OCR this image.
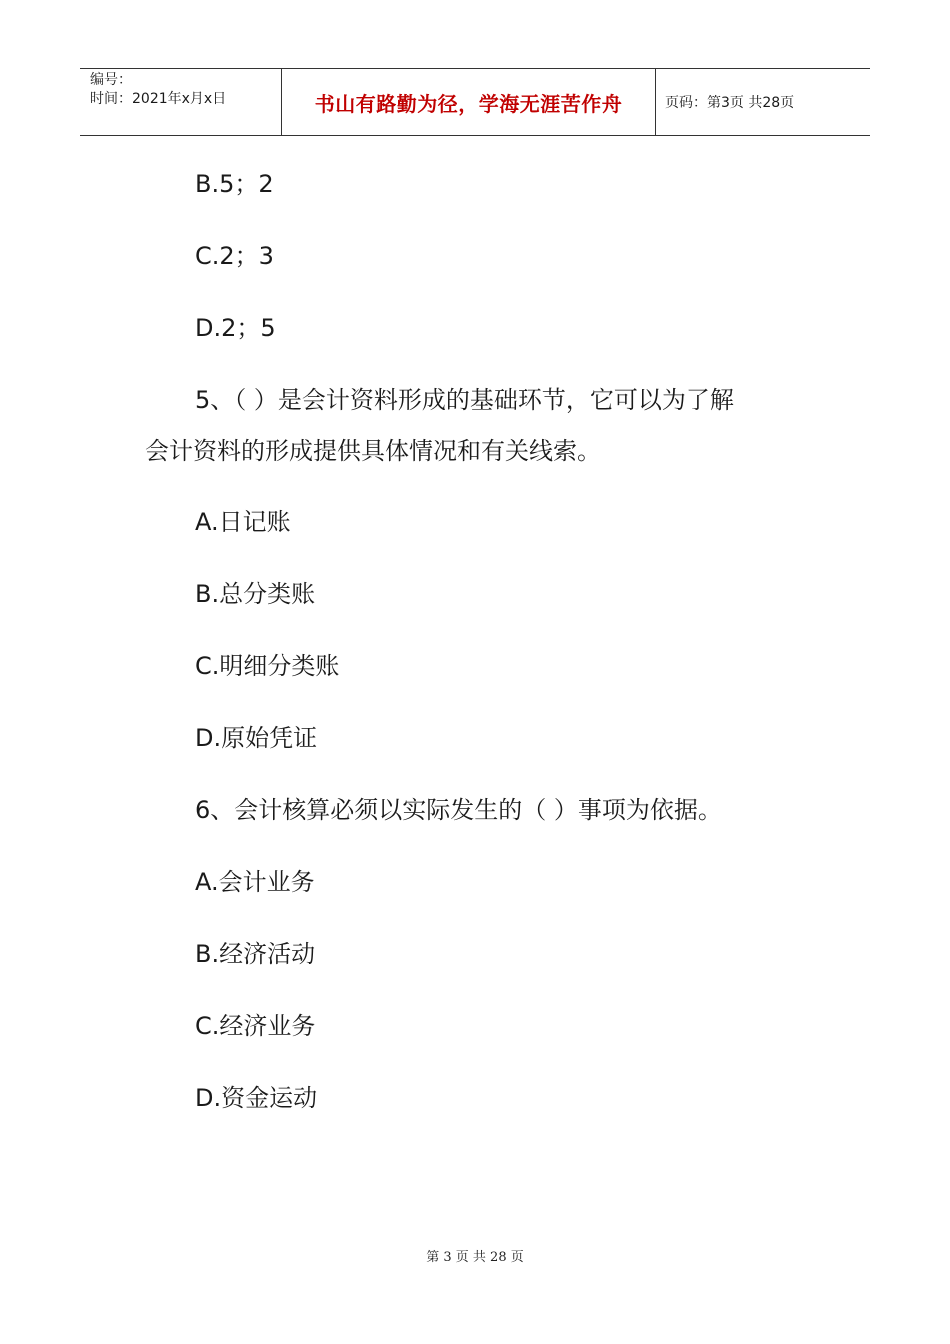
编号：
时间：2021年x月x日	书山有路勤为径，学海无涯苦作舟	页码：第3页 共28页
B.5；2
C.2；3
D.2；5
5、（ ）是会计资料形成的基础环节，它可以为了解
会计资料的形成提供具体情况和有关线索。
A.日记账
B.总分类账
C.明细分类账
D.原始凭证
6、会计核算必须以实际发生的（ ）事项为依据。
A.会计业务
B.经济活动
C.经济业务
D.资金运动
第 3 页 共 28 页
